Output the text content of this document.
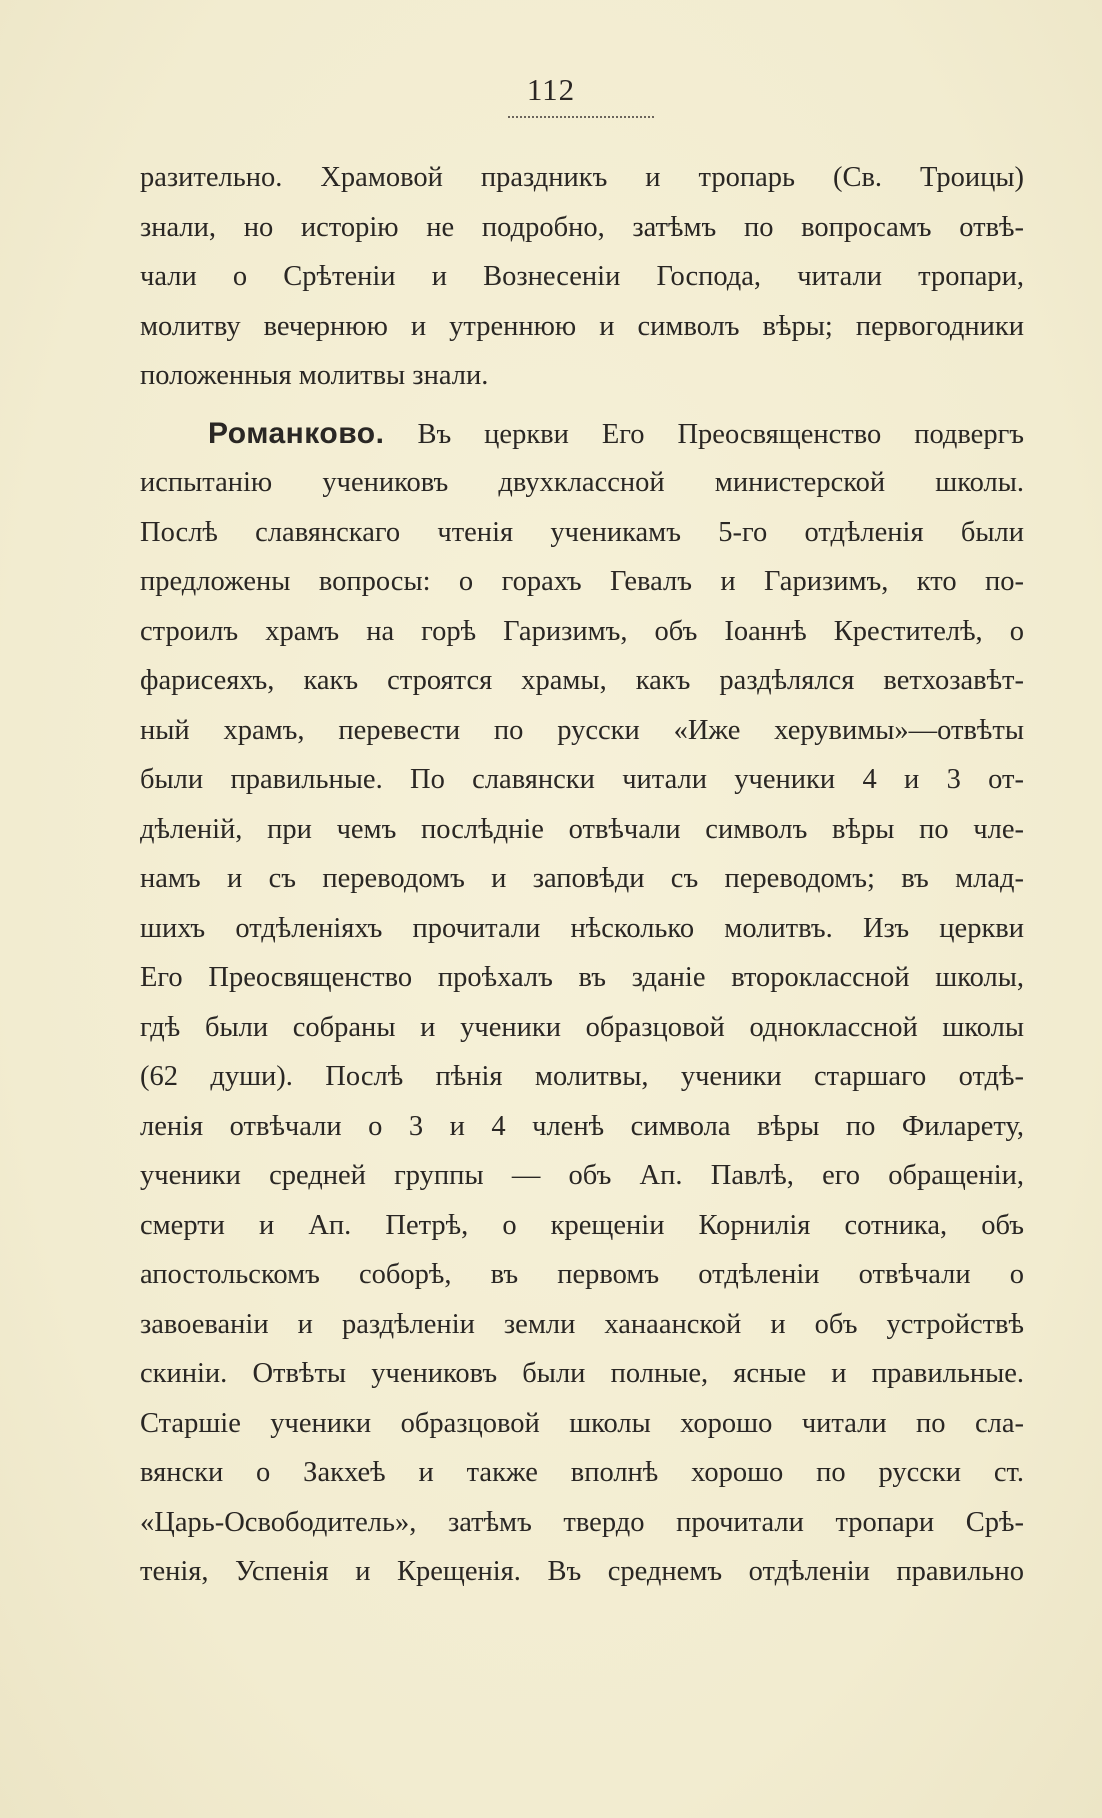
112
разительно. Храмовой праздникъ и тропарь (Св. Троицы)
знали, но исторію не подробно, затѣмъ по вопросамъ отвѣ-
чали о Срѣтеніи и Вознесеніи Господа, читали тропари,
молитву вечернюю и утреннюю и символъ вѣры; первогодники
положенныя молитвы знали.
Романково. Въ церкви Его Преосвященство подвергъ
испытанію учениковъ двухклассной министерской школы.
Послѣ славянскаго чтенія ученикамъ 5-го отдѣленія были
предложены вопросы: о горахъ Гевалъ и Гаризимъ, кто по-
строилъ храмъ на горѣ Гаризимъ, объ Іоаннѣ Крестителѣ, о
фарисеяхъ, какъ строятся храмы, какъ раздѣлялся ветхозавѣт-
ный храмъ, перевести по русски «Иже херувимы»—отвѣты
были правильные. По славянски читали ученики 4 и 3 от-
дѣленій, при чемъ послѣдніе отвѣчали символъ вѣры по чле-
намъ и съ переводомъ и заповѣди съ переводомъ; въ млад-
шихъ отдѣленіяхъ прочитали нѣсколько молитвъ. Изъ церкви
Его Преосвященство проѣхалъ въ зданіе второклассной школы,
гдѣ были собраны и ученики образцовой одноклассной школы
(62 души). Послѣ пѣнія молитвы, ученики старшаго отдѣ-
ленія отвѣчали о 3 и 4 членѣ символа вѣры по Филарету,
ученики средней группы — объ Ап. Павлѣ, его обращеніи,
смерти и Ап. Петрѣ, о крещеніи Корнилія сотника, объ
апостольскомъ соборѣ, въ первомъ отдѣленіи отвѣчали о
завоеваніи и раздѣленіи земли ханаанской и объ устройствѣ
скиніи. Отвѣты учениковъ были полные, ясные и правильные.
Старшіе ученики образцовой школы хорошо читали по сла-
вянски о Закхеѣ и также вполнѣ хорошо по русски ст.
«Царь-Освободитель», затѣмъ твердо прочитали тропари Срѣ-
тенія, Успенія и Крещенія. Въ среднемъ отдѣленіи правильно
